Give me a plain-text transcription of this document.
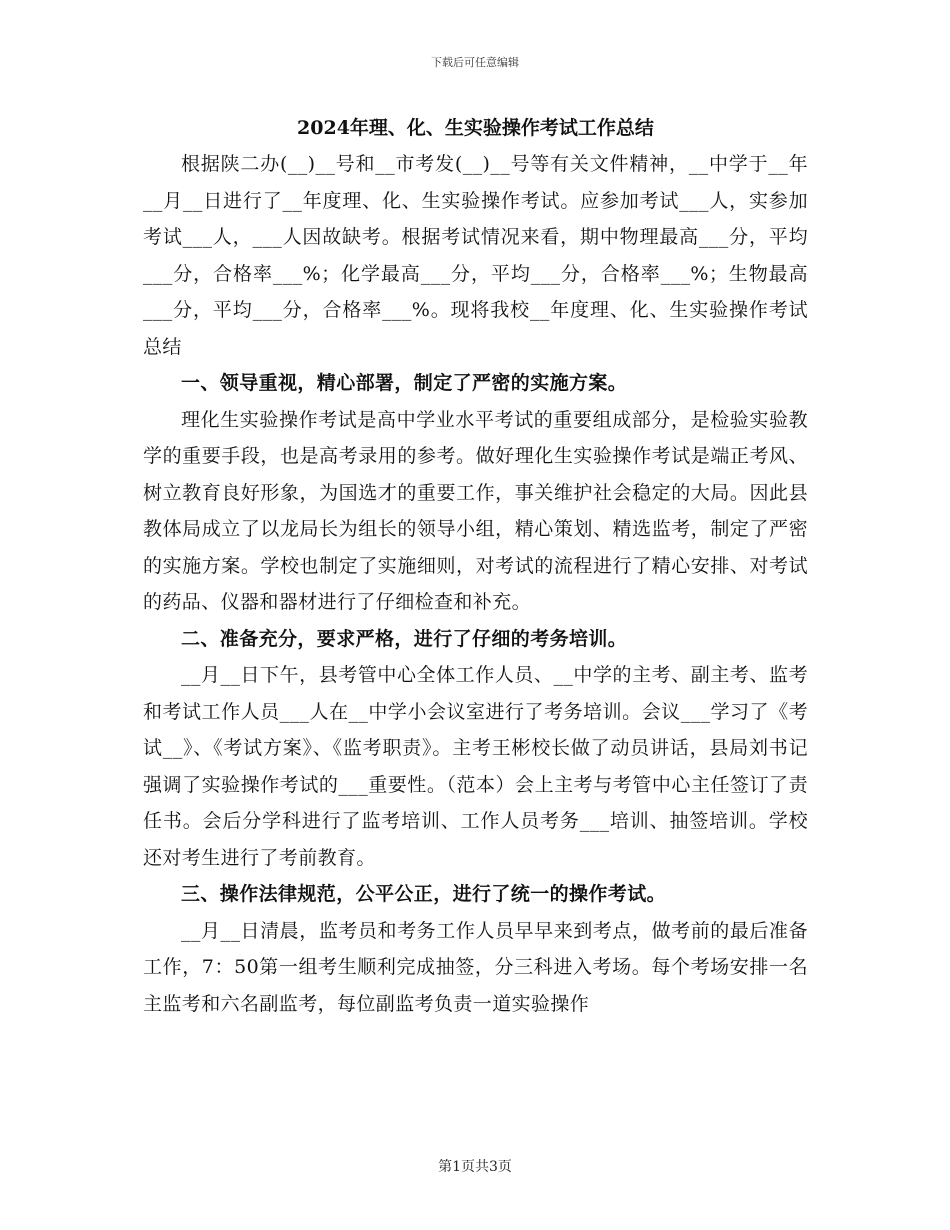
下载后可任意编辑
2024年理、化、生实验操作考试工作总结

根据陕二办(__)__号和__市考发(__)__号等有关文件精神，__中学于__年__月__日进行了__年度理、化、生实验操作考试。应参加考试___人，实参加考试___人，___人因故缺考。根据考试情况来看，期中物理最高___分，平均___分，合格率___%；化学最高___分，平均___分，合格率___%；生物最高___分，平均___分，合格率___%。现将我校__年度理、化、生实验操作考试总结

一、领导重视，精心部署，制定了严密的实施方案。

理化生实验操作考试是高中学业水平考试的重要组成部分，是检验实验教学的重要手段，也是高考录用的参考。做好理化生实验操作考试是端正考风、树立教育良好形象，为国选才的重要工作，事关维护社会稳定的大局。因此县教体局成立了以龙局长为组长的领导小组，精心策划、精选监考，制定了严密的实施方案。学校也制定了实施细则，对考试的流程进行了精心安排、对考试的药品、仪器和器材进行了仔细检查和补充。

二、准备充分，要求严格，进行了仔细的考务培训。

__月__日下午，县考管中心全体工作人员、__中学的主考、副主考、监考和考试工作人员___人在__中学小会议室进行了考务培训。会议___学习了《考试__》、《考试方案》、《监考职责》。主考王彬校长做了动员讲话，县局刘书记强调了实验操作考试的___重要性。（范本）会上主考与考管中心主任签订了责任书。会后分学科进行了监考培训、工作人员考务___培训、抽签培训。学校还对考生进行了考前教育。

三、操作法律规范，公平公正，进行了统一的操作考试。

__月__日清晨，监考员和考务工作人员早早来到考点，做考前的最后准备工作，7：50第一组考生顺利完成抽签，分三科进入考场。每个考场安排一名主监考和六名副监考，每位副监考负责一道实验操作

第1页共3页
